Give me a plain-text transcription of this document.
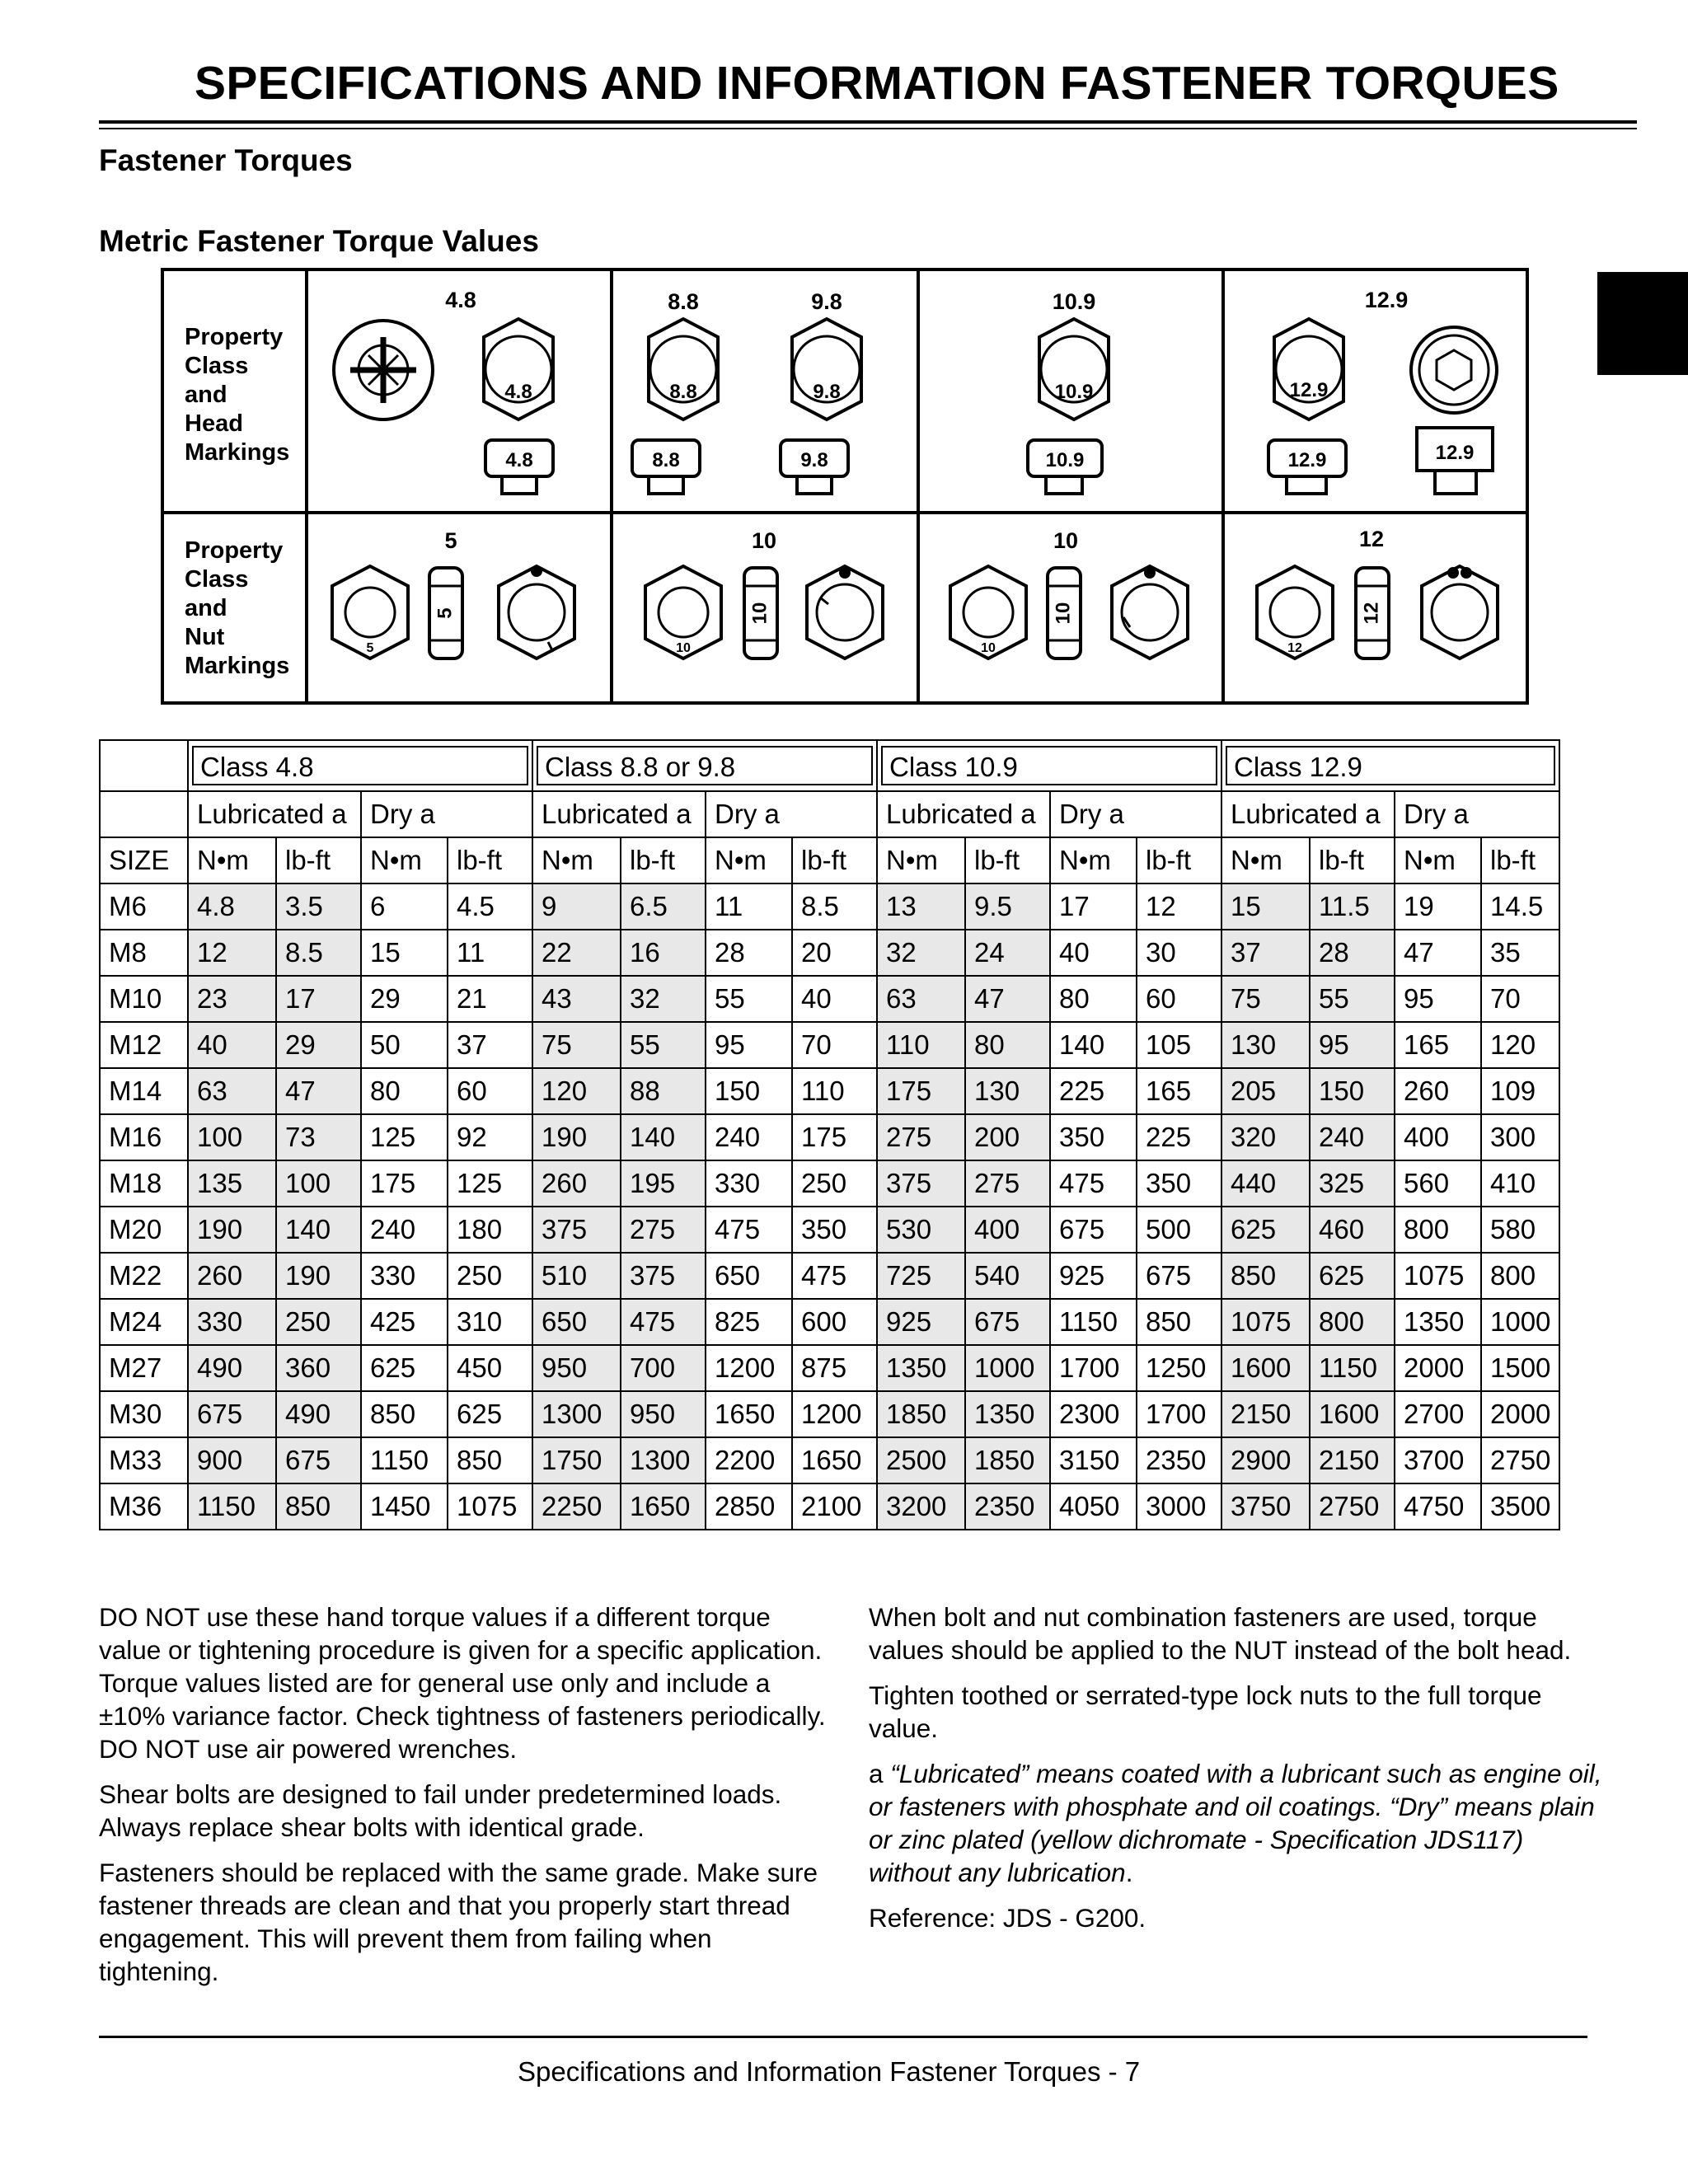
SPECIFICATIONS AND INFORMATION FASTENER TORQUES
Fastener Torques
Metric Fastener Torque Values
Property
Class
and
Head
Markings
Property
Class
and
Nut
Markings
4.8	8.8	9.8	10.9	12.9
5	10	10	12
4.8	8.8	9.8	10.9	12.9
4.8	8.8	9.8	10.9	12.9	12.9
5
5
10
10
10
10
12
12

	Class 4.8				Class 8.8 or 9.8				Class 10.9				Class 12.9			

	Lubricated a		Dry a		Lubricated a		Dry a		Lubricated a		Dry a		Lubricated a		Dry a	
SIZE	N•m	lb-ft	N•m	lb-ft	N•m	lb-ft	N•m	lb-ft	N•m	lb-ft	N•m	lb-ft	N•m	lb-ft	N•m	lb-ft
M6	4.8	3.5	6	4.5	9	6.5	11	8.5	13	9.5	17	12	15	11.5	19	14.5
M8	12	8.5	15	11	22	16	28	20	32	24	40	30	37	28	47	35
M10	23	17	29	21	43	32	55	40	63	47	80	60	75	55	95	70
M12	40	29	50	37	75	55	95	70	110	80	140	105	130	95	165	120
M14	63	47	80	60	120	88	150	110	175	130	225	165	205	150	260	109
M16	100	73	125	92	190	140	240	175	275	200	350	225	320	240	400	300
M18	135	100	175	125	260	195	330	250	375	275	475	350	440	325	560	410
M20	190	140	240	180	375	275	475	350	530	400	675	500	625	460	800	580
M22	260	190	330	250	510	375	650	475	725	540	925	675	850	625	1075	800
M24	330	250	425	310	650	475	825	600	925	675	1150	850	1075	800	1350	1000
M27	490	360	625	450	950	700	1200	875	1350	1000	1700	1250	1600	1150	2000	1500
M30	675	490	850	625	1300	950	1650	1200	1850	1350	2300	1700	2150	1600	2700	2000
M33	900	675	1150	850	1750	1300	2200	1650	2500	1850	3150	2350	2900	2150	3700	2750
M36	1150	850	1450	1075	2250	1650	2850	2100	3200	2350	4050	3000	3750	2750	4750	3500

DO NOT use these hand torque values if a different torque value or tightening procedure is given for a specific application. Torque values listed are for general use only and include a ±10% variance factor. Check tightness of fasteners periodically. DO NOT use air powered wrenches.

Shear bolts are designed to fail under predetermined loads. Always replace shear bolts with identical grade.

Fasteners should be replaced with the same grade. Make sure fastener threads are clean and that you properly start thread engagement. This will prevent them from failing when tightening.

When bolt and nut combination fasteners are used, torque values should be applied to the NUT instead of the bolt head.

Tighten toothed or serrated-type lock nuts to the full torque value.

a “Lubricated” means coated with a lubricant such as engine oil, or fasteners with phosphate and oil coatings. “Dry” means plain or zinc plated (yellow dichromate - Specification JDS117) without any lubrication.

Reference: JDS - G200.

Specifications and Information Fastener Torques - 7
